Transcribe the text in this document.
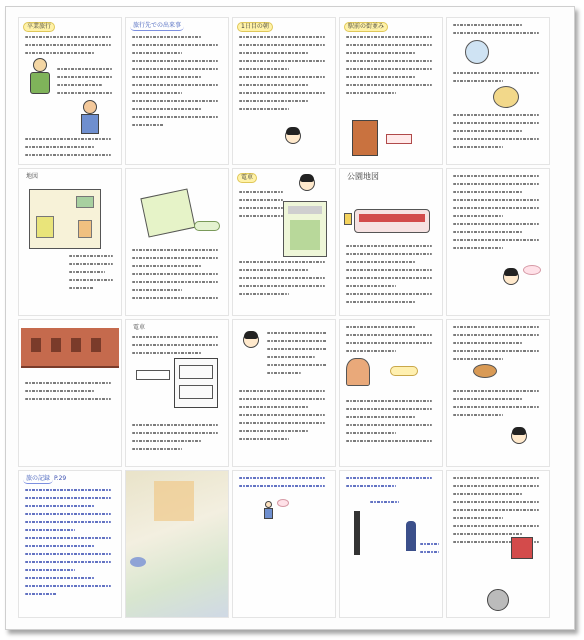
卒業旅行	旅行先での出来事	1日目の朝	駅前の街並み
地図	電車	公園地図
電車
旅の記録 P.29
